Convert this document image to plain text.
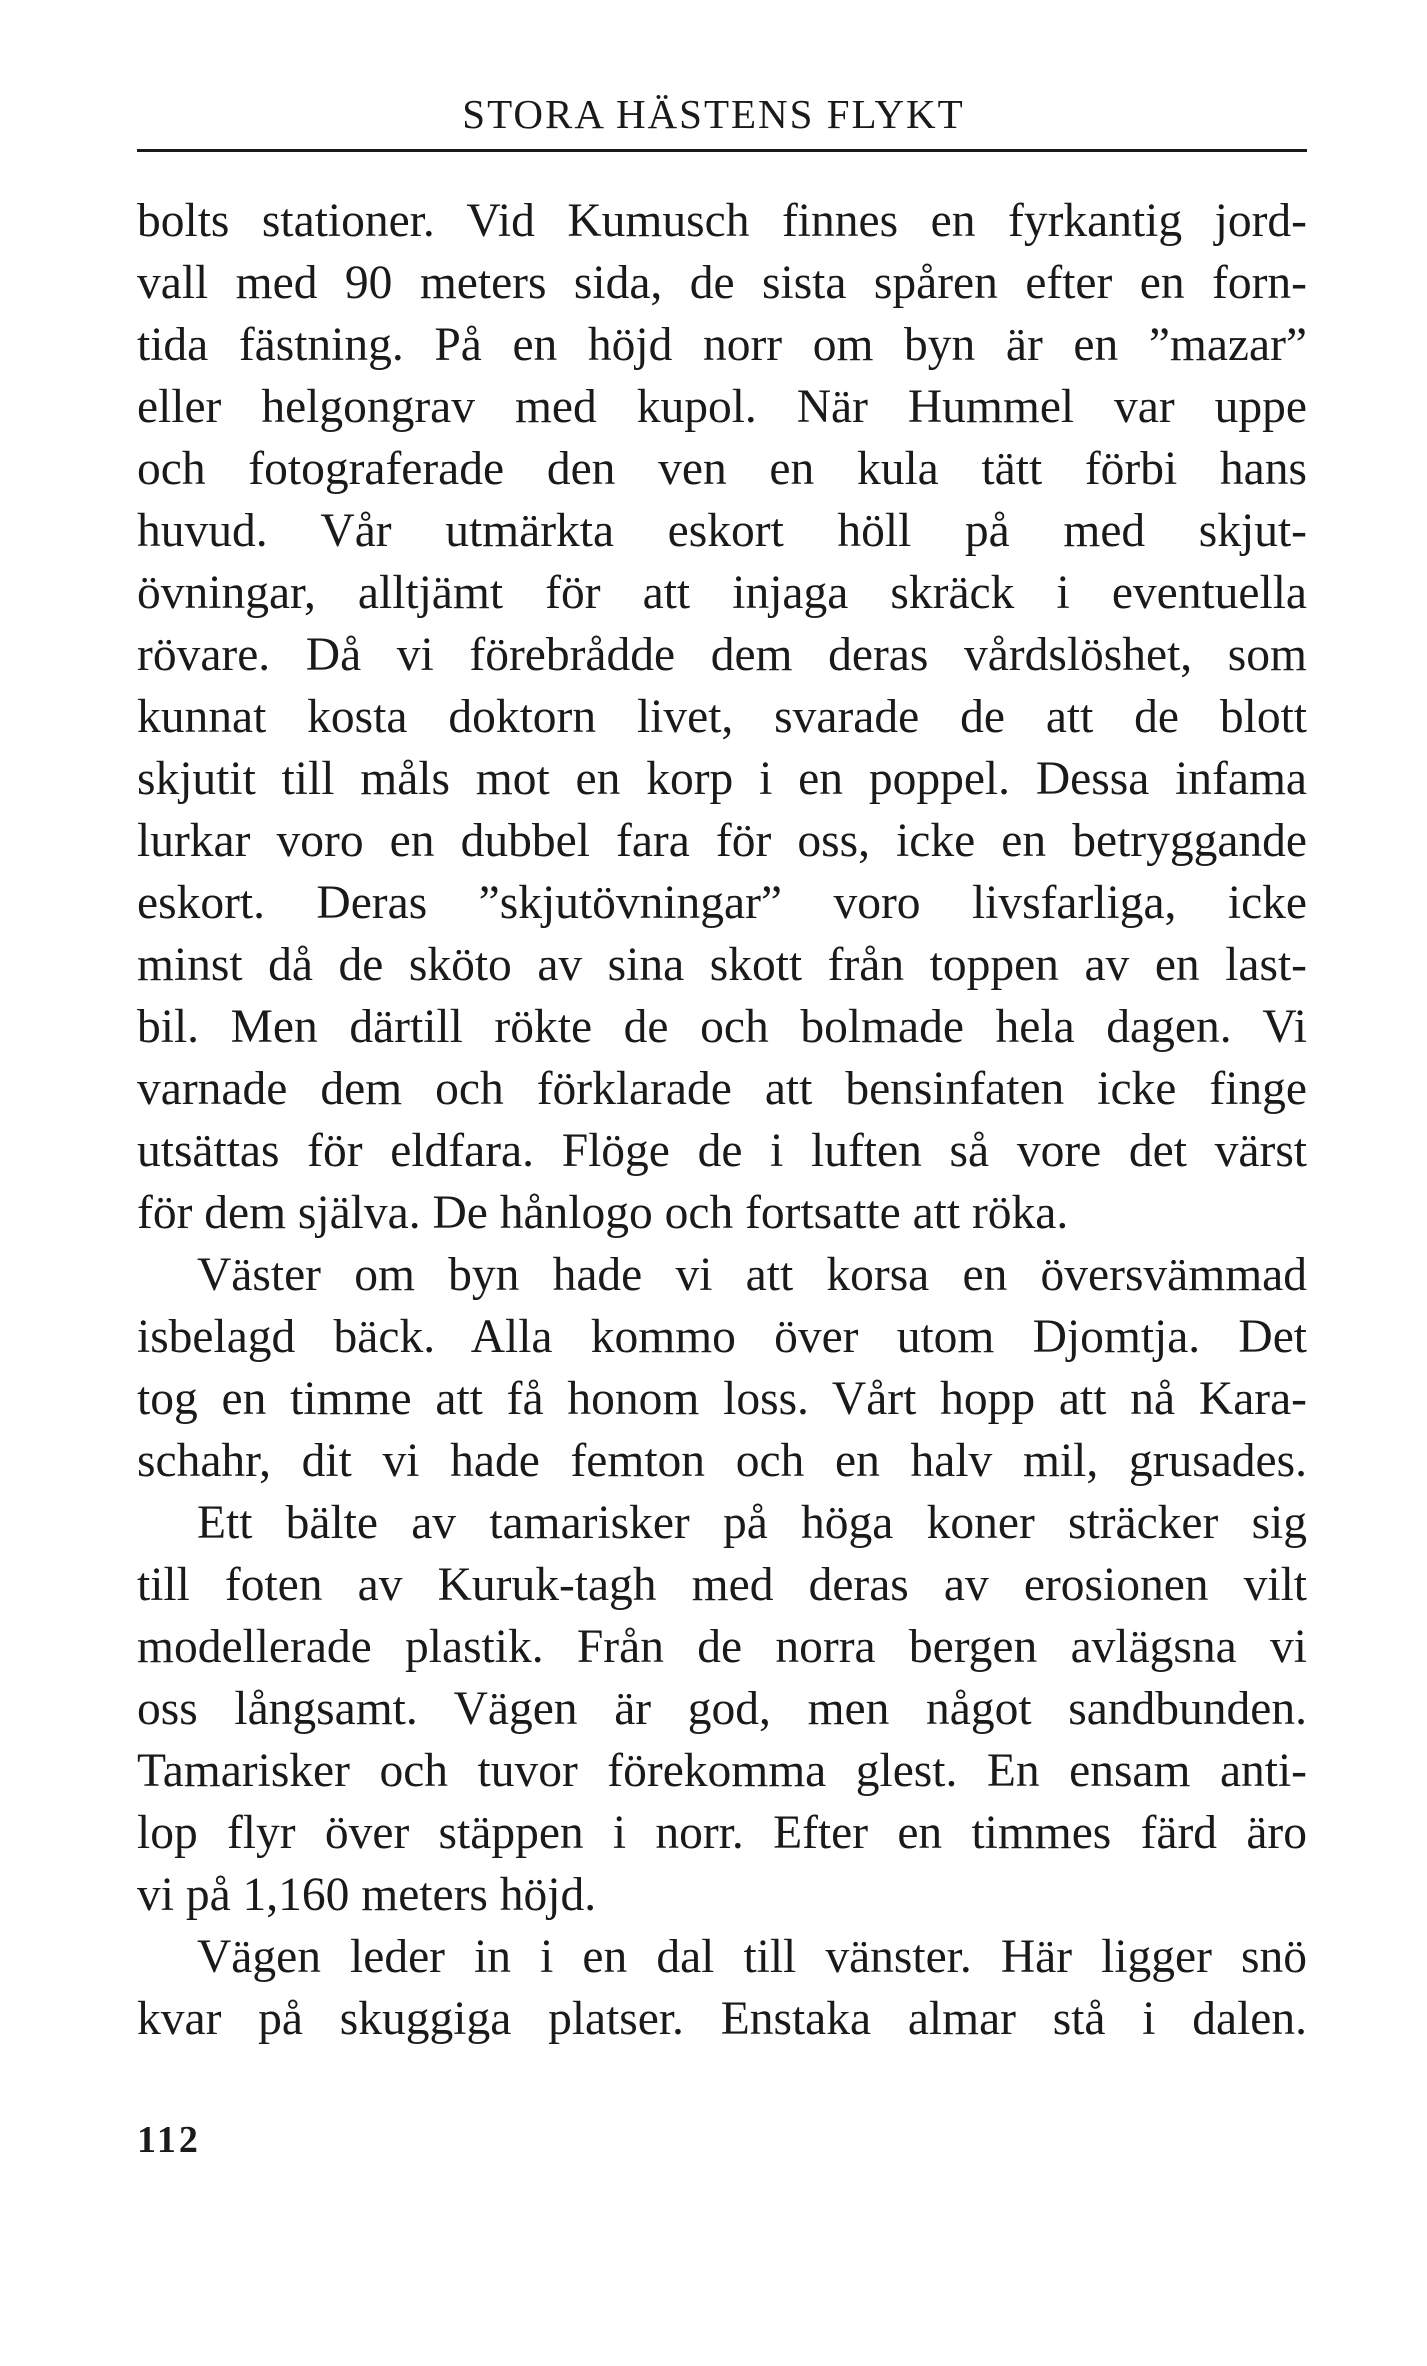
STORA HÄSTENS FLYKT
bolts stationer. Vid Kumusch finnes en fyrkantig jord-
vall med 90 meters sida, de sista spåren efter en forn-
tida fästning. På en höjd norr om byn är en ”mazar”
eller helgongrav med kupol. När Hummel var uppe
och fotograferade den ven en kula tätt förbi hans
huvud. Vår utmärkta eskort höll på med skjut-
övningar, alltjämt för att injaga skräck i eventuella
rövare. Då vi förebrådde dem deras vårdslöshet, som
kunnat kosta doktorn livet, svarade de att de blott
skjutit till måls mot en korp i en poppel. Dessa infama
lurkar voro en dubbel fara för oss, icke en betryggande
eskort. Deras ”skjutövningar” voro livsfarliga, icke
minst då de sköto av sina skott från toppen av en last-
bil. Men därtill rökte de och bolmade hela dagen. Vi
varnade dem och förklarade att bensinfaten icke finge
utsättas för eldfara. Flöge de i luften så vore det värst
för dem själva. De hånlogo och fortsatte att röka.
Väster om byn hade vi att korsa en översvämmad
isbelagd bäck. Alla kommo över utom Djomtja. Det
tog en timme att få honom loss. Vårt hopp att nå Kara-
schahr, dit vi hade femton och en halv mil, grusades.
Ett bälte av tamarisker på höga koner sträcker sig
till foten av Kuruk-tagh med deras av erosionen vilt
modellerade plastik. Från de norra bergen avlägsna vi
oss långsamt. Vägen är god, men något sandbunden.
Tamarisker och tuvor förekomma glest. En ensam anti-
lop flyr över stäppen i norr. Efter en timmes färd äro
vi på 1,160 meters höjd.
Vägen leder in i en dal till vänster. Här ligger snö
kvar på skuggiga platser. Enstaka almar stå i dalen.
112
